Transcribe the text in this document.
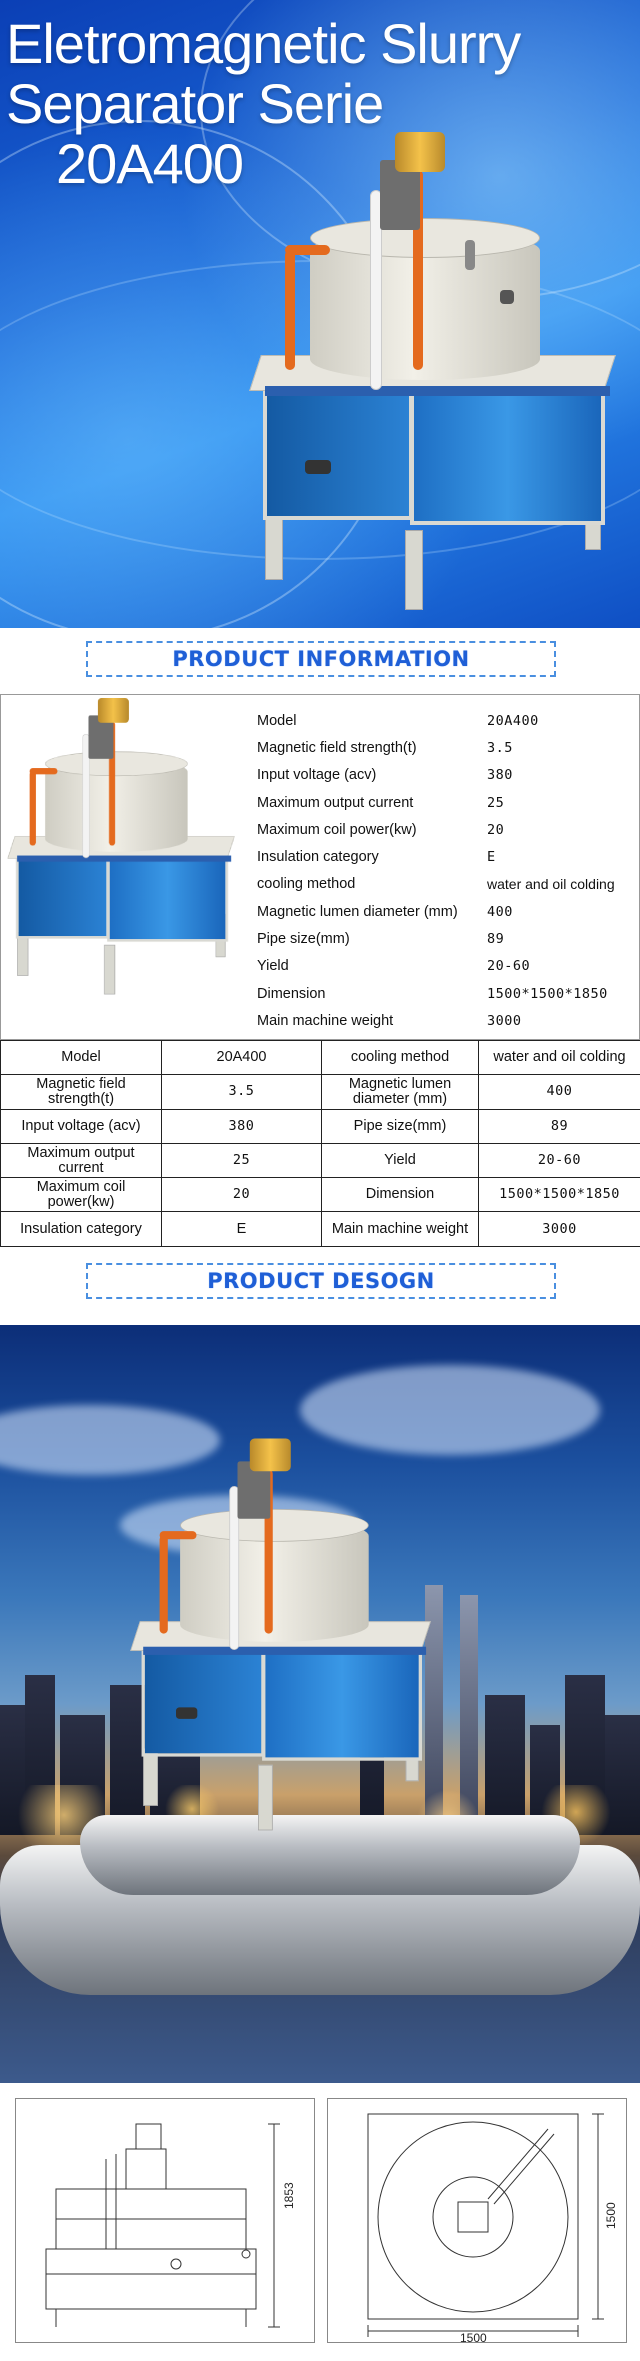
Eletromagnetic Slurry
Separator Serie
20A400
PRODUCT INFORMATION
Model	20A400
Magnetic field strength(t)	3.5
Input voltage (acv)	380
Maximum output current	25
Maximum coil power(kw)	20
Insulation category	E
cooling method	water and oil colding
Magnetic lumen diameter (mm)	400
Pipe size(mm)	89
Yield	20-60
Dimension	1500*1500*1850
Main machine weight	3000
Model	20A400	cooling method	water and oil colding
Magnetic field strength(t)	3.5	Magnetic lumen diameter (mm)	400
Input voltage (acv)	380	Pipe size(mm)	89
Maximum output current	25	Yield	20-60
Maximum coil power(kw)	20	Dimension	1500*1500*1850
Insulation category	E	Main machine weight	3000
PRODUCT DESOGN
1853
1500
1500
